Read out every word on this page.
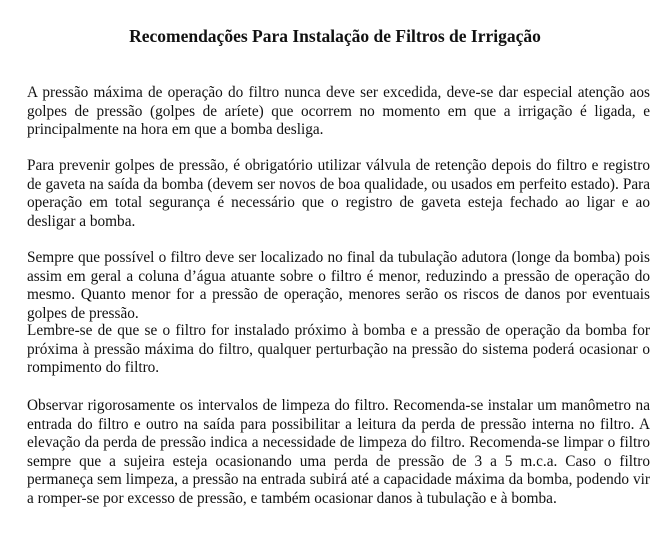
Recomendações Para Instalação de Filtros de Irrigação

A pressão máxima de operação do filtro nunca deve ser excedida, deve-se dar especial atenção aos golpes de pressão (golpes de aríete) que ocorrem no momento em que a irrigação é ligada, e principalmente na hora em que a bomba desliga.

Para prevenir golpes de pressão, é obrigatório utilizar válvula de retenção depois do filtro e registro de gaveta na saída da bomba (devem ser novos de boa qualidade, ou usados em perfeito estado). Para operação em total segurança é necessário que o registro de gaveta esteja fechado ao ligar e ao desligar a bomba.

Sempre que possível o filtro deve ser localizado no final da tubulação adutora (longe da bomba) pois assim em geral a coluna d’água atuante sobre o filtro é menor, reduzindo a pressão de operação do mesmo. Quanto menor for a pressão de operação, menores serão os riscos de danos por eventuais golpes de pressão.

Lembre-se de que se o filtro for instalado próximo à bomba e a pressão de operação da bomba for próxima à pressão máxima do filtro, qualquer perturbação na pressão do sistema poderá ocasionar o rompimento do filtro.

Observar rigorosamente os intervalos de limpeza do filtro. Recomenda-se instalar um manômetro na entrada do filtro e outro na saída para possibilitar a leitura da perda de pressão interna no filtro. A elevação da perda de pressão indica a necessidade de limpeza do filtro. Recomenda-se limpar o filtro sempre que a sujeira esteja ocasionando uma perda de pressão de 3 a 5 m.c.a. Caso o filtro permaneça sem limpeza, a pressão na entrada subirá até a capacidade máxima da bomba, podendo vir a romper-se por excesso de pressão, e também ocasionar danos à tubulação e à bomba.
